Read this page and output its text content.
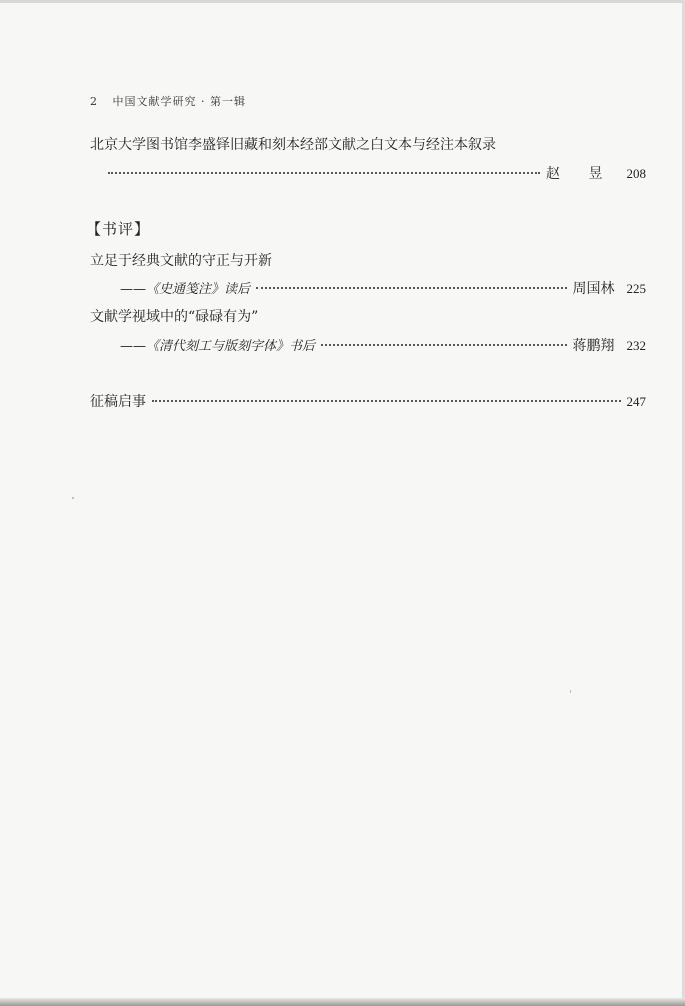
2 中国文献学研究 · 第一辑
北京大学图书馆李盛铎旧藏和刻本经部文献之白文本与经注本叙录
赵 昱 208
【书评】
立足于经典文献的守正与开新
——《史通笺注》读后	周国林 225
文献学视域中的“碌碌有为”
——《清代刻工与版刻字体》书后	蒋鹏翔 232
征稿启事	247
